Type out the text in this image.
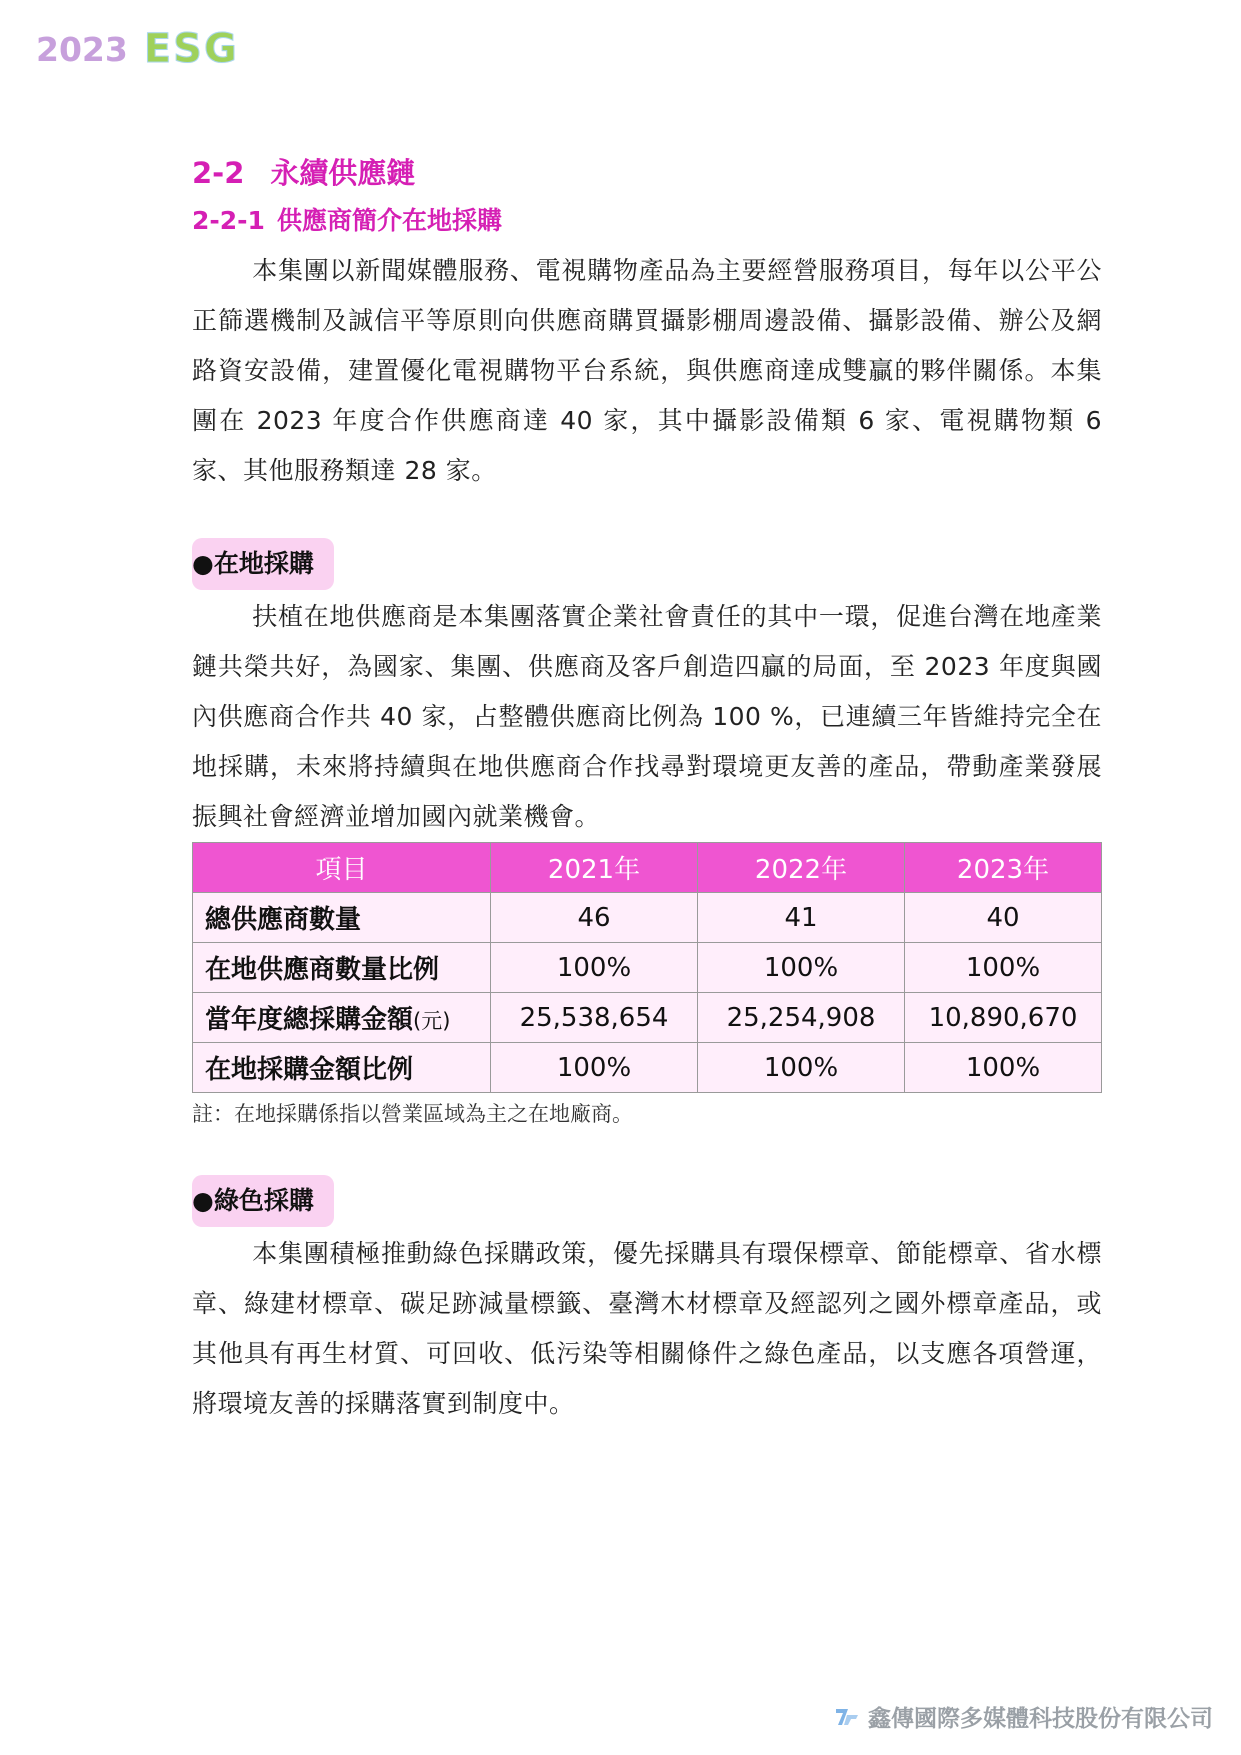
2023 ESG
2-2 永續供應鏈
2-2-1 供應商簡介在地採購

本集團以新聞媒體服務、電視購物產品為主要經營服務項目，每年以公平公正篩選機制及誠信平等原則向供應商購買攝影棚周邊設備、攝影設備、辦公及網路資安設備，建置優化電視購物平台系統，與供應商達成雙贏的夥伴關係。本集團在 2023 年度合作供應商達 40 家，其中攝影設備類 6 家、電視購物類 6 家、其他服務類達 28 家。

●在地採購

扶植在地供應商是本集團落實企業社會責任的其中一環，促進台灣在地產業鏈共榮共好，為國家、集團、供應商及客戶創造四贏的局面，至 2023 年度與國內供應商合作共 40 家，占整體供應商比例為 100 %，已連續三年皆維持完全在地採購，未來將持續與在地供應商合作找尋對環境更友善的產品，帶動產業發展振興社會經濟並增加國內就業機會。

項目	2021年	2022年	2023年
總供應商數量	46	41	40
在地供應商數量比例	100%	100%	100%
當年度總採購金額(元)	25,538,654	25,254,908	10,890,670
在地採購金額比例	100%	100%	100%

註：在地採購係指以營業區域為主之在地廠商。

●綠色採購

本集團積極推動綠色採購政策，優先採購具有環保標章、節能標章、省水標章、綠建材標章、碳足跡減量標籤、臺灣木材標章及經認列之國外標章產品，或其他具有再生材質、可回收、低污染等相關條件之綠色產品，以支應各項營運，將環境友善的採購落實到制度中。

鑫傳國際多媒體科技股份有限公司
